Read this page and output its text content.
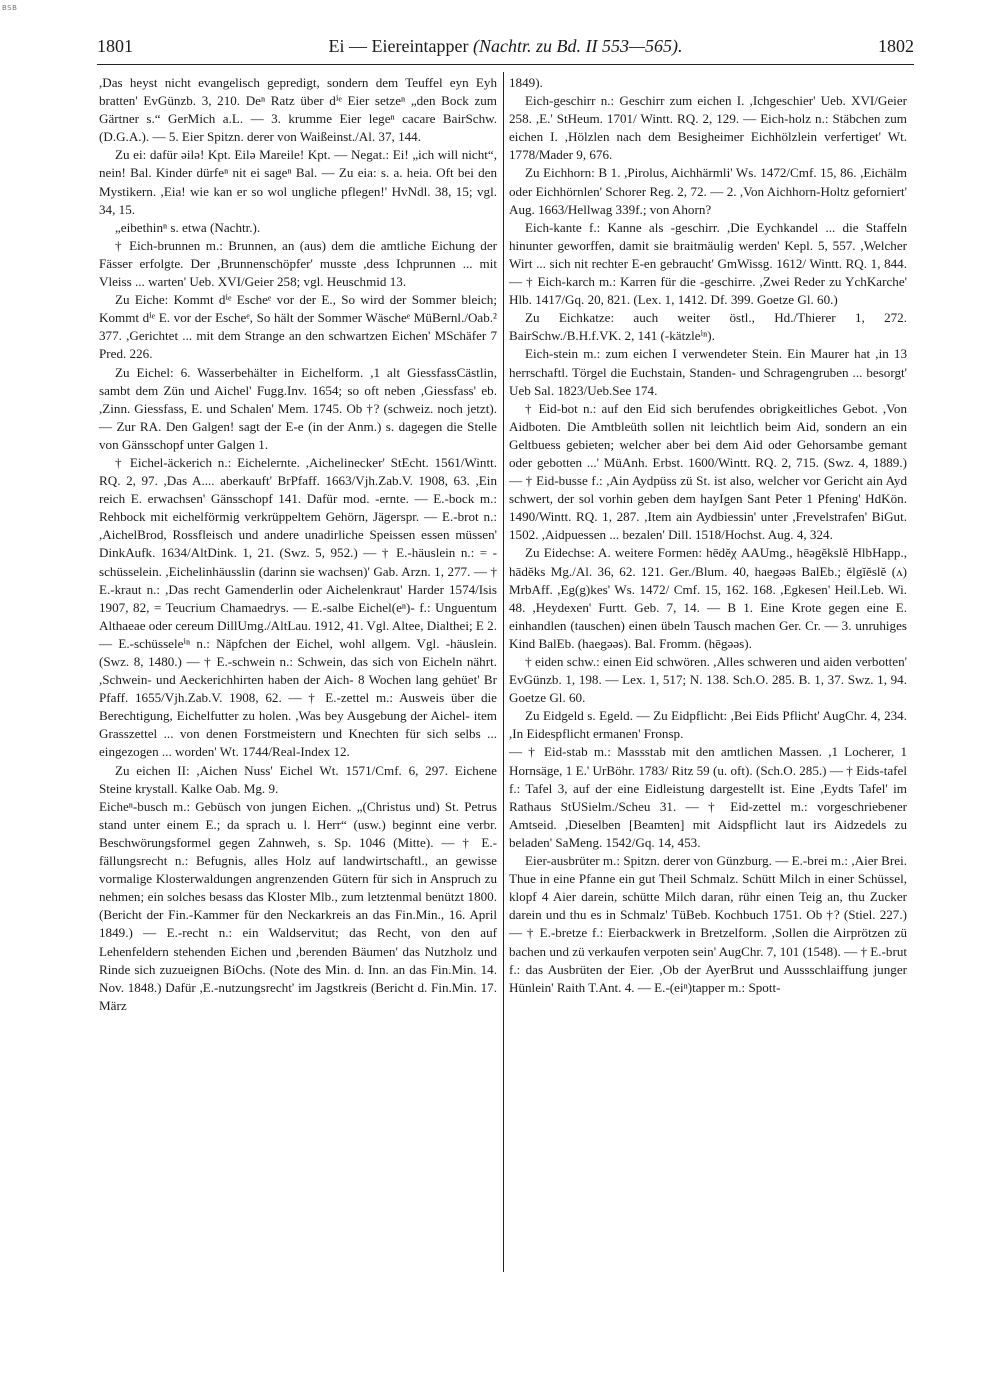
BSB
1801	Ei — Eiereintapper (Nachtr. zu Bd. II 553—565).	1802

,Das heyst nicht evangelisch gepredigt, sondern dem Teuffel eyn Eyh bratten' EvGünzb. 3, 210. Deⁿ Ratz über dⁱᵉ Eier setzeⁿ „den Bock zum Gärtner s.“ GerMich a.L. — 3. krumme Eier legeⁿ cacare BairSchw. (D.G.A.). — 5. Eier Spitzn. derer von Waißeinst./Al. 37, 144.

Zu ei: dafür əilə! Kpt. Eilə Mareile! Kpt. — Negat.: Ei! „ich will nicht“, nein! Bal. Kinder dürfeⁿ nit ei sageⁿ Bal. — Zu eia: s. a. heia. Oft bei den Mystikern. ,Eia! wie kan er so wol ungliche pflegen!' HvNdl. 38, 15; vgl. 34, 15.

„eibethinⁿ s. etwa (Nachtr.).

† Eich-brunnen m.: Brunnen, an (aus) dem die amtliche Eichung der Fässer erfolgte. Der ,Brunnenschöpfer' musste ,dess Ichprunnen ... mit Vleiss ... warten' Ueb. XVI/Geier 258; vgl. Heuschmid 13.

Zu Eiche: Kommt dⁱᵉ Escheᵉ vor der E., So wird der Sommer bleich; Kommt dⁱᵉ E. vor der Escheᵉ, So hält der Sommer Wäscheᵉ MüBernl./Oab.² 377. ,Gerichtet ... mit dem Strange an den schwartzen Eichen' MSchäfer 7 Pred. 226.

Zu Eichel: 6. Wasserbehälter in Eichelform. ,1 alt GiessfassCästlin, sambt dem Zün und Aichel' Fugg.Inv. 1654; so oft neben ,Giessfass' eb. ,Zinn. Giessfass, E. und Schalen' Mem. 1745. Ob †? (schweiz. noch jetzt). — Zur RA. Den Galgen! sagt der E-e (in der Anm.) s. dagegen die Stelle von Gänsschopf unter Galgen 1.

† Eichel-äckerich n.: Eichelernte. ,Aichelinecker' StEcht. 1561/Wintt. RQ. 2, 97. ,Das A.... aberkauft' BrPfaff. 1663/Vjh.Zab.V. 1908, 63. ,Ein reich E. erwachsen' Gänsschopf 141. Dafür mod. -ernte. — E.-bock m.: Rehbock mit eichelförmig verkrüppeltem Gehörn, Jägerspr. — E.-brot n.: ,AichelBrod, Rossfleisch und andere unadirliche Speissen essen müssen' DinkAufk. 1634/AltDink. 1, 21. (Swz. 5, 952.) — † E.-häuslein n.: = -schüsselein. ,Eichelinhäusslin (darinn sie wachsen)' Gab. Arzn. 1, 277. — † E.-kraut n.: ,Das recht Gamenderlin oder Aichelenkraut' Harder 1574/Isis 1907, 82, = Teucrium Chamaedrys. — E.-salbe Eichel(eⁿ)- f.: Unguentum Althaeae oder cereum DillUmg./AltLau. 1912, 41. Vgl. Altee, Dialthei; E 2. — E.-schüsseleⁱⁿ n.: Näpfchen der Eichel, wohl allgem. Vgl. -häuslein. (Swz. 8, 1480.) — † E.-schwein n.: Schwein, das sich von Eicheln nährt. ,Schwein- und Aeckerichhirten haben der Aich- 8 Wochen lang gehüet' Br Pfaff. 1655/Vjh.Zab.V. 1908, 62. — † E.-zettel m.: Ausweis über die Berechtigung, Eichelfutter zu holen. ,Was bey Ausgebung der Aichel- item Grasszettel ... von denen Forstmeistern und Knechten für sich selbs ... eingezogen ... worden' Wt. 1744/Real-Index 12.

Zu eichen II: ,Aichen Nuss' Eichel Wt. 1571/Cmf. 6, 297. Eichene Steine krystall. Kalke Oab. Mg. 9.

Eicheⁿ-busch m.: Gebüsch von jungen Eichen. „(Christus und) St. Petrus stand unter einem E.; da sprach u. l. Herr“ (usw.) beginnt eine verbr. Beschwörungsformel gegen Zahnweh, s. Sp. 1046 (Mitte). — † E.-fällungsrecht n.: Befugnis, alles Holz auf landwirtschaftl., an gewisse vormalige Klosterwaldungen angrenzenden Gütern für sich in Anspruch zu nehmen; ein solches besass das Kloster Mlb., zum letztenmal benützt 1800. (Bericht der Fin.-Kammer für den Neckarkreis an das Fin.Min., 16. April 1849.) — E.-recht n.: ein Waldservitut; das Recht, von den auf Lehenfeldern stehenden Eichen und ,berenden Bäumen' das Nutzholz und Rinde sich zuzueignen BiOchs. (Note des Min. d. Inn. an das Fin.Min. 14. Nov. 1848.) Dafür ,E.-nutzungsrecht' im Jagstkreis (Bericht d. Fin.Min. 17. März

1849).

Eich-geschirr n.: Geschirr zum eichen I. ,Ichgeschier' Ueb. XVI/Geier 258. ,E.' StHeum. 1701/ Wintt. RQ. 2, 129. — Eich-holz n.: Stäbchen zum eichen I. ,Hölzlen nach dem Besigheimer Eichhölzlein verfertiget' Wt. 1778/Mader 9, 676.

Zu Eichhorn: B 1. ,Pirolus, Aichhärmli' Ws. 1472/Cmf. 15, 86. ,Eichälm oder Eichhörnlen' Schorer Reg. 2, 72. — 2. ,Von Aichhorn-Holtz geforniert' Aug. 1663/Hellwag 339f.; von Ahorn?

Eich-kante f.: Kanne als -geschirr. ,Die Eychkandel ... die Staffeln hinunter geworffen, damit sie braitmäulig werden' Kepl. 5, 557. ,Welcher Wirt ... sich nit rechter E-en gebraucht' GmWissg. 1612/ Wintt. RQ. 1, 844. — † Eich-karch m.: Karren für die -geschirre. ,Zwei Reder zu YchKarche' Hlb. 1417/Gq. 20, 821. (Lex. 1, 1412. Df. 399. Goetze Gl. 60.)

Zu Eichkatze: auch weiter östl., Hd./Thierer 1, 272. BairSchw./B.H.f.VK. 2, 141 (-kätzleⁱⁿ).

Eich-stein m.: zum eichen I verwendeter Stein. Ein Maurer hat ,in 13 herrschaftl. Törgel die Euchstain, Standen- und Schragengruben ... besorgt' Ueb Sal. 1823/Ueb.See 174.

† Eid-bot n.: auf den Eid sich berufendes obrigkeitliches Gebot. ,Von Aidboten. Die Amtbleüth sollen nit leichtlich beim Aid, sondern an ein Geltbuess gebieten; welcher aber bei dem Aid oder Gehorsambe gemant oder gebotten ...' MüAnh. Erbst. 1600/Wintt. RQ. 2, 715. (Swz. 4, 1889.) — † Eid-busse f.: ,Ain Aydpüss zü St. ist also, welcher vor Gericht ain Ayd schwert, der sol vorhin geben dem hayIgen Sant Peter 1 Pfening' HdKön. 1490/Wintt. RQ. 1, 287. ,Item ain Aydbiessin' unter ,Frevelstrafen' BiGut. 1502. ,Aidpuessen ... bezalen' Dill. 1518/Hochst. Aug. 4, 324.

Zu Eidechse: A. weitere Formen: hēdĕχ AAUmg., hēəgĕkslĕ HlbHapp., hādĕks Mg./Al. 36, 62. 121. Ger./Blum. 40, haegəəs BalEb.; ĕlgĭĕslĕ (ʌ) MrbAff. ,Eg(g)kes' Ws. 1472/ Cmf. 15, 162. 168. ,Egkesen' Heil.Leb. Wi. 48. ,Heydexen' Furtt. Geb. 7, 14. — B 1. Eine Krote gegen eine E. einhandlen (tauschen) einen übeln Tausch machen Ger. Cr. — 3. unruhiges Kind BalEb. (haegəəs). Bal. Fromm. (hēgəəs).

† eiden schw.: einen Eid schwören. ,Alles schweren und aiden verbotten' EvGünzb. 1, 198. — Lex. 1, 517; N. 138. Sch.O. 285. B. 1, 37. Swz. 1, 94. Goetze Gl. 60.

Zu Eidgeld s. Egeld. — Zu Eidpflicht: ,Bei Eids Pflicht' AugChr. 4, 234. ,In Eidespflicht ermanen' Fronsp.

— † Eid-stab m.: Massstab mit den amtlichen Massen. ,1 Locherer, 1 Hornsäge, 1 E.' UrBöhr. 1783/ Ritz 59 (u. oft). (Sch.O. 285.) — † Eids-tafel f.: Tafel 3, auf der eine Eidleistung dargestellt ist. Eine ,Eydts Tafel' im Rathaus StUSielm./Scheu 31. — † Eid-zettel m.: vorgeschriebener Amtseid. ,Dieselben [Beamten] mit Aidspflicht laut irs Aidzedels zu beladen' SaMeng. 1542/Gq. 14, 453.

Eier-ausbrüter m.: Spitzn. derer von Günzburg. — E.-brei m.: ,Aier Brei. Thue in eine Pfanne ein gut Theil Schmalz. Schütt Milch in einer Schüssel, klopf 4 Aier darein, schütte Milch daran, rühr einen Teig an, thu Zucker darein und thu es in Schmalz' TüBeb. Kochbuch 1751. Ob †? (Stiel. 227.) — † E.-bretze f.: Eierbackwerk in Bretzelform. ,Sollen die Airprötzen zü bachen und zü verkaufen verpoten sein' AugChr. 7, 101 (1548). — † E.-brut f.: das Ausbrüten der Eier. ,Ob der AyerBrut und Aussschlaiffung junger Hünlein' Raith T.Ant. 4. — E.-(eiⁿ)tapper m.: Spott-
